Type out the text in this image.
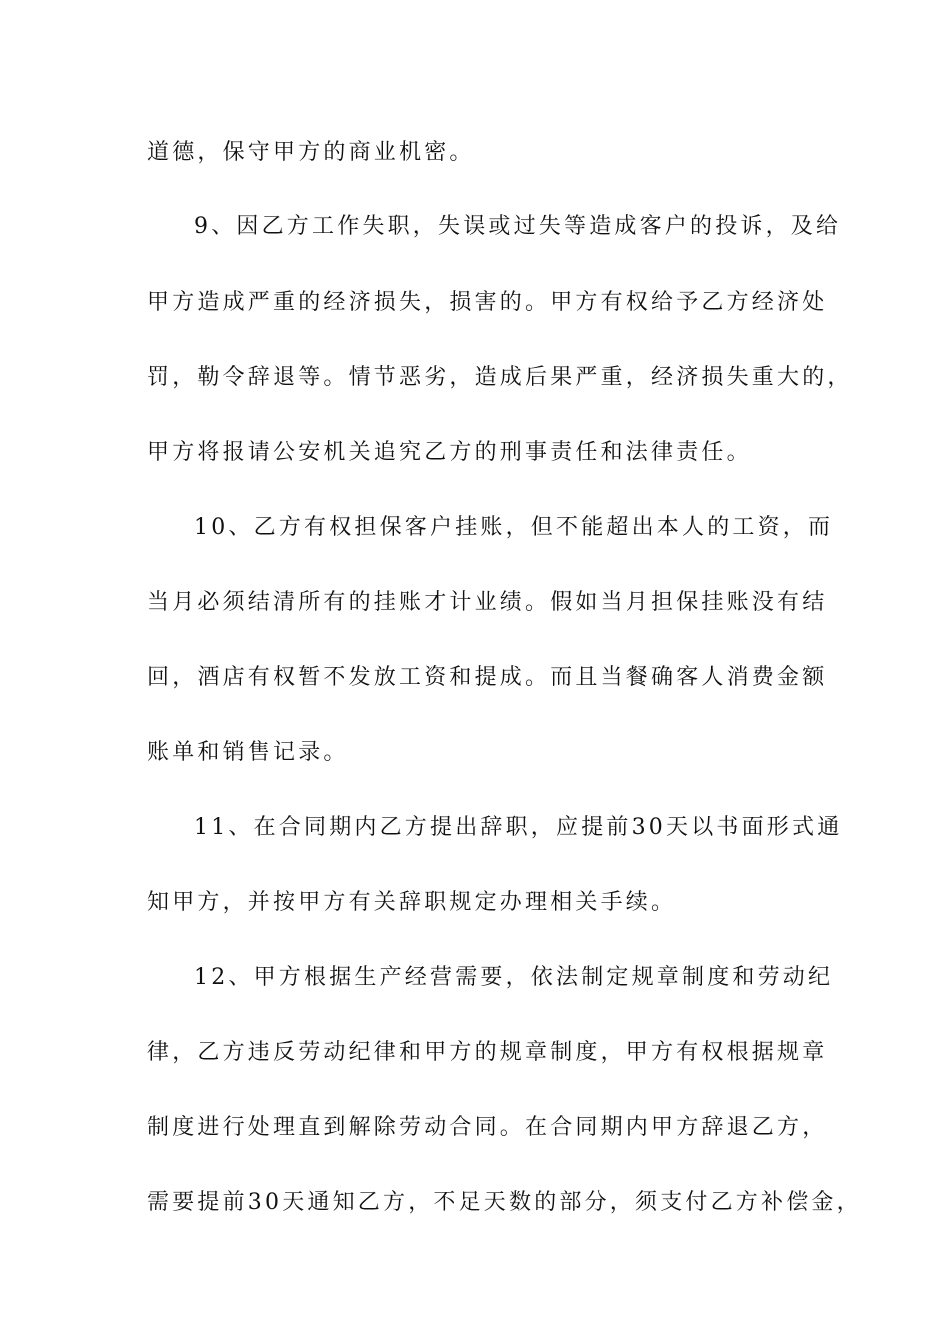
道德，保守甲方的商业机密。
9、因乙方工作失职，失误或过失等造成客户的投诉，及给
甲方造成严重的经济损失，损害的。甲方有权给予乙方经济处
罚，勒令辞退等。情节恶劣，造成后果严重，经济损失重大的，
甲方将报请公安机关追究乙方的刑事责任和法律责任。
10、乙方有权担保客户挂账，但不能超出本人的工资，而
当月必须结清所有的挂账才计业绩。假如当月担保挂账没有结
回，酒店有权暂不发放工资和提成。而且当餐确客人消费金额
账单和销售记录。
11、在合同期内乙方提出辞职，应提前30天以书面形式通
知甲方，并按甲方有关辞职规定办理相关手续。
12、甲方根据生产经营需要，依法制定规章制度和劳动纪
律，乙方违反劳动纪律和甲方的规章制度，甲方有权根据规章
制度进行处理直到解除劳动合同。在合同期内甲方辞退乙方，
需要提前30天通知乙方，不足天数的部分，须支付乙方补偿金，
